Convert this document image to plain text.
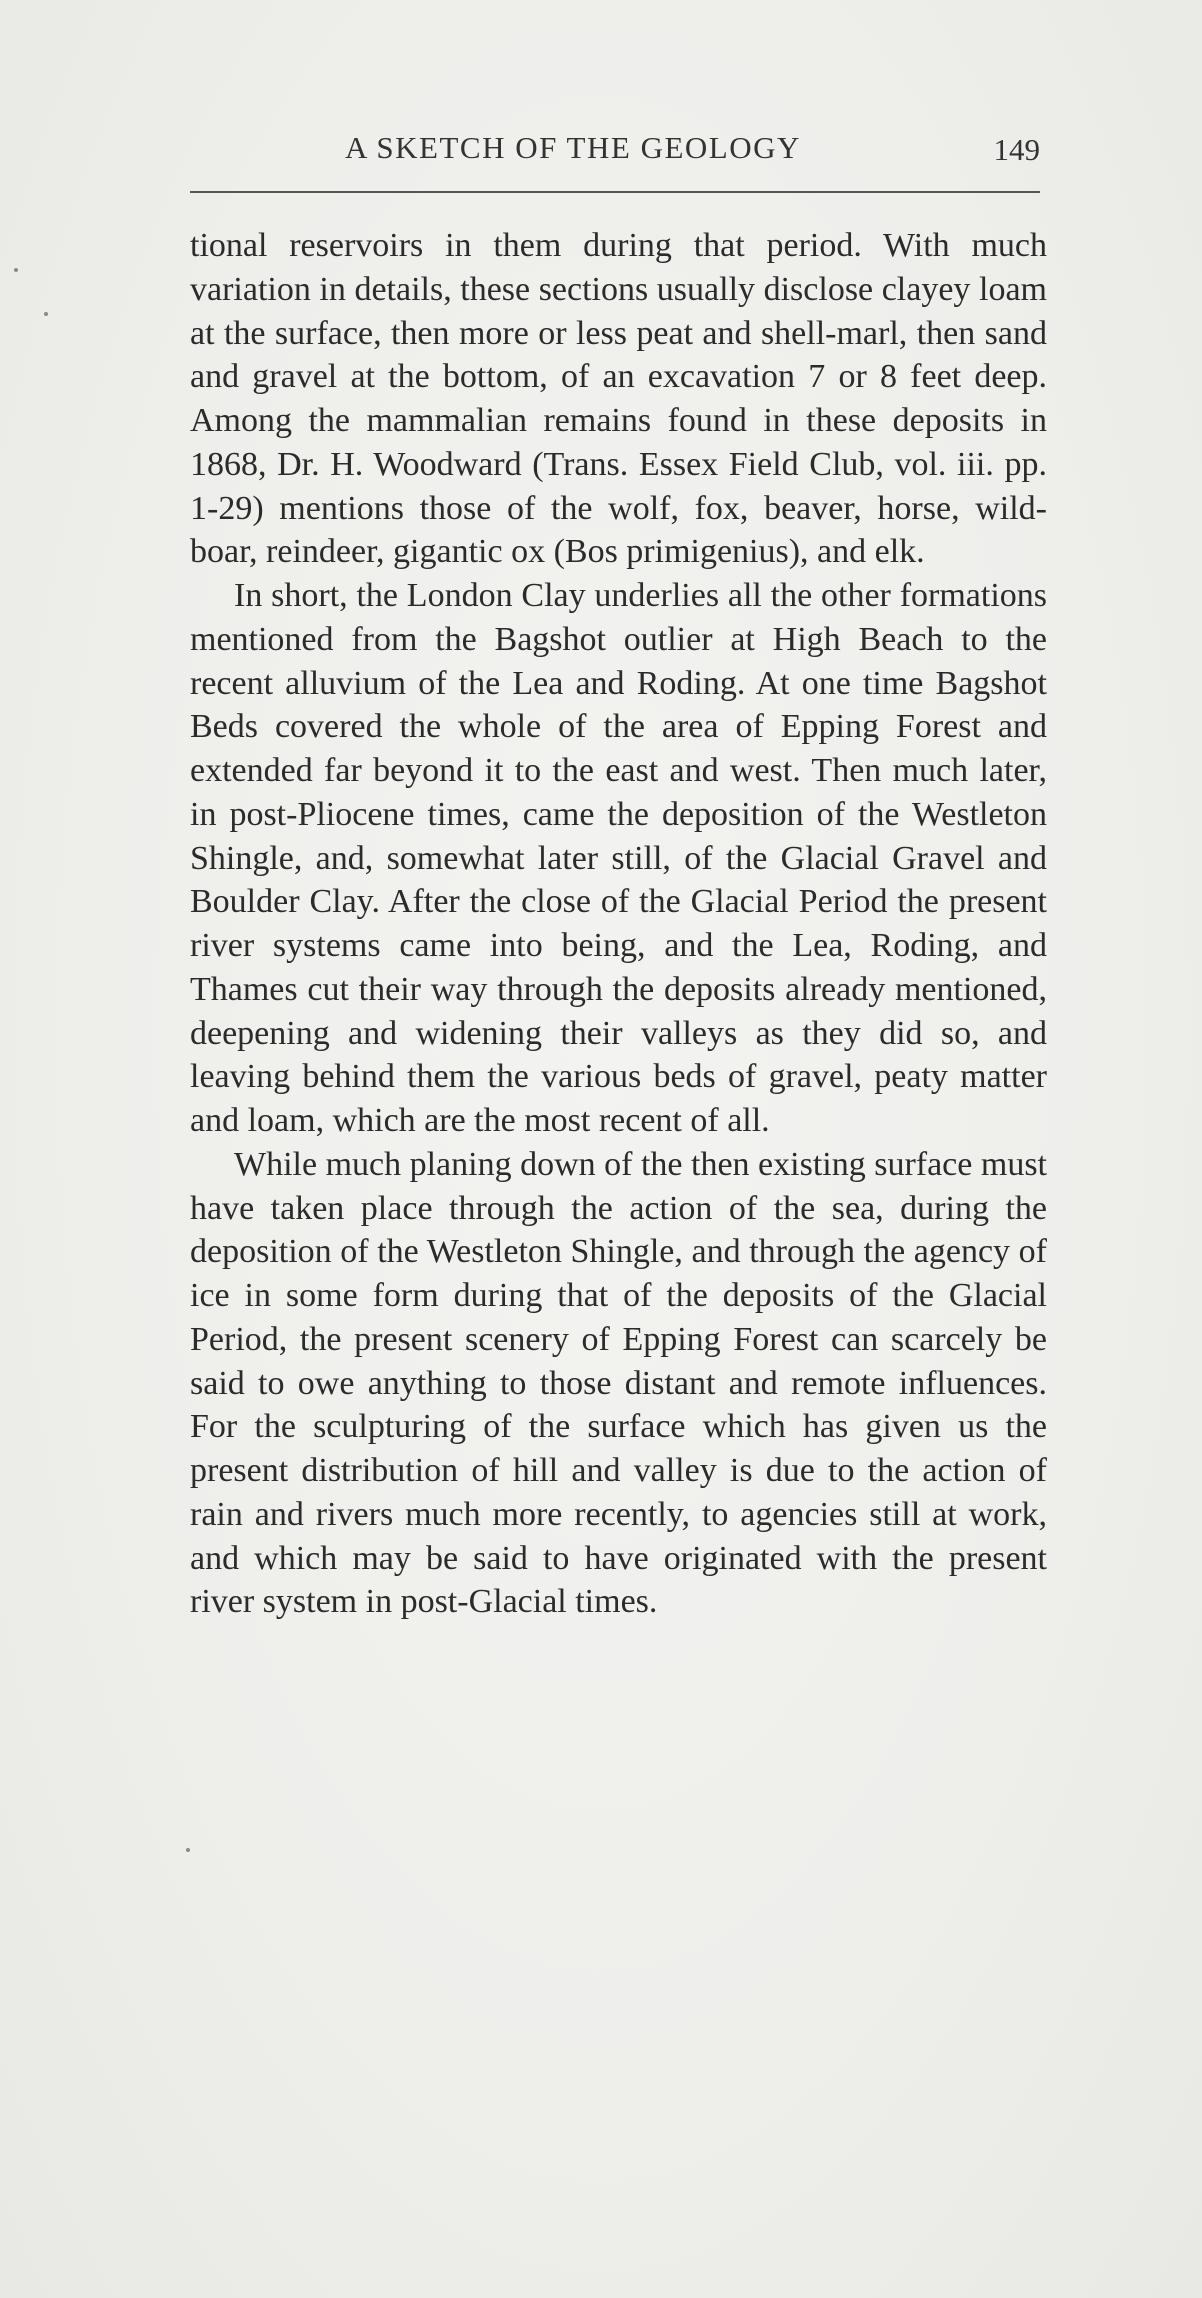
A SKETCH OF THE GEOLOGY	149

tional reservoirs in them during that period. With much variation in details, these sections usually disclose clayey loam at the surface, then more or less peat and shell-marl, then sand and gravel at the bottom, of an excavation 7 or 8 feet deep. Among the mammalian remains found in these deposits in 1868, Dr. H. Woodward (Trans. Essex Field Club, vol. iii. pp. 1-29) mentions those of the wolf, fox, beaver, horse, wild-boar, reindeer, gigantic ox (Bos primigenius), and elk.

In short, the London Clay underlies all the other formations mentioned from the Bagshot outlier at High Beach to the recent alluvium of the Lea and Roding. At one time Bagshot Beds covered the whole of the area of Epping Forest and extended far beyond it to the east and west. Then much later, in post-Pliocene times, came the deposition of the Westleton Shingle, and, somewhat later still, of the Glacial Gravel and Boulder Clay. After the close of the Glacial Period the present river systems came into being, and the Lea, Roding, and Thames cut their way through the deposits already mentioned, deepening and widening their valleys as they did so, and leaving behind them the various beds of gravel, peaty matter and loam, which are the most recent of all.

While much planing down of the then existing surface must have taken place through the action of the sea, during the deposition of the Westleton Shingle, and through the agency of ice in some form during that of the deposits of the Glacial Period, the present scenery of Epping Forest can scarcely be said to owe anything to those distant and remote influences. For the sculpturing of the surface which has given us the present distribution of hill and valley is due to the action of rain and rivers much more recently, to agencies still at work, and which may be said to have originated with the present river system in post-Glacial times.
